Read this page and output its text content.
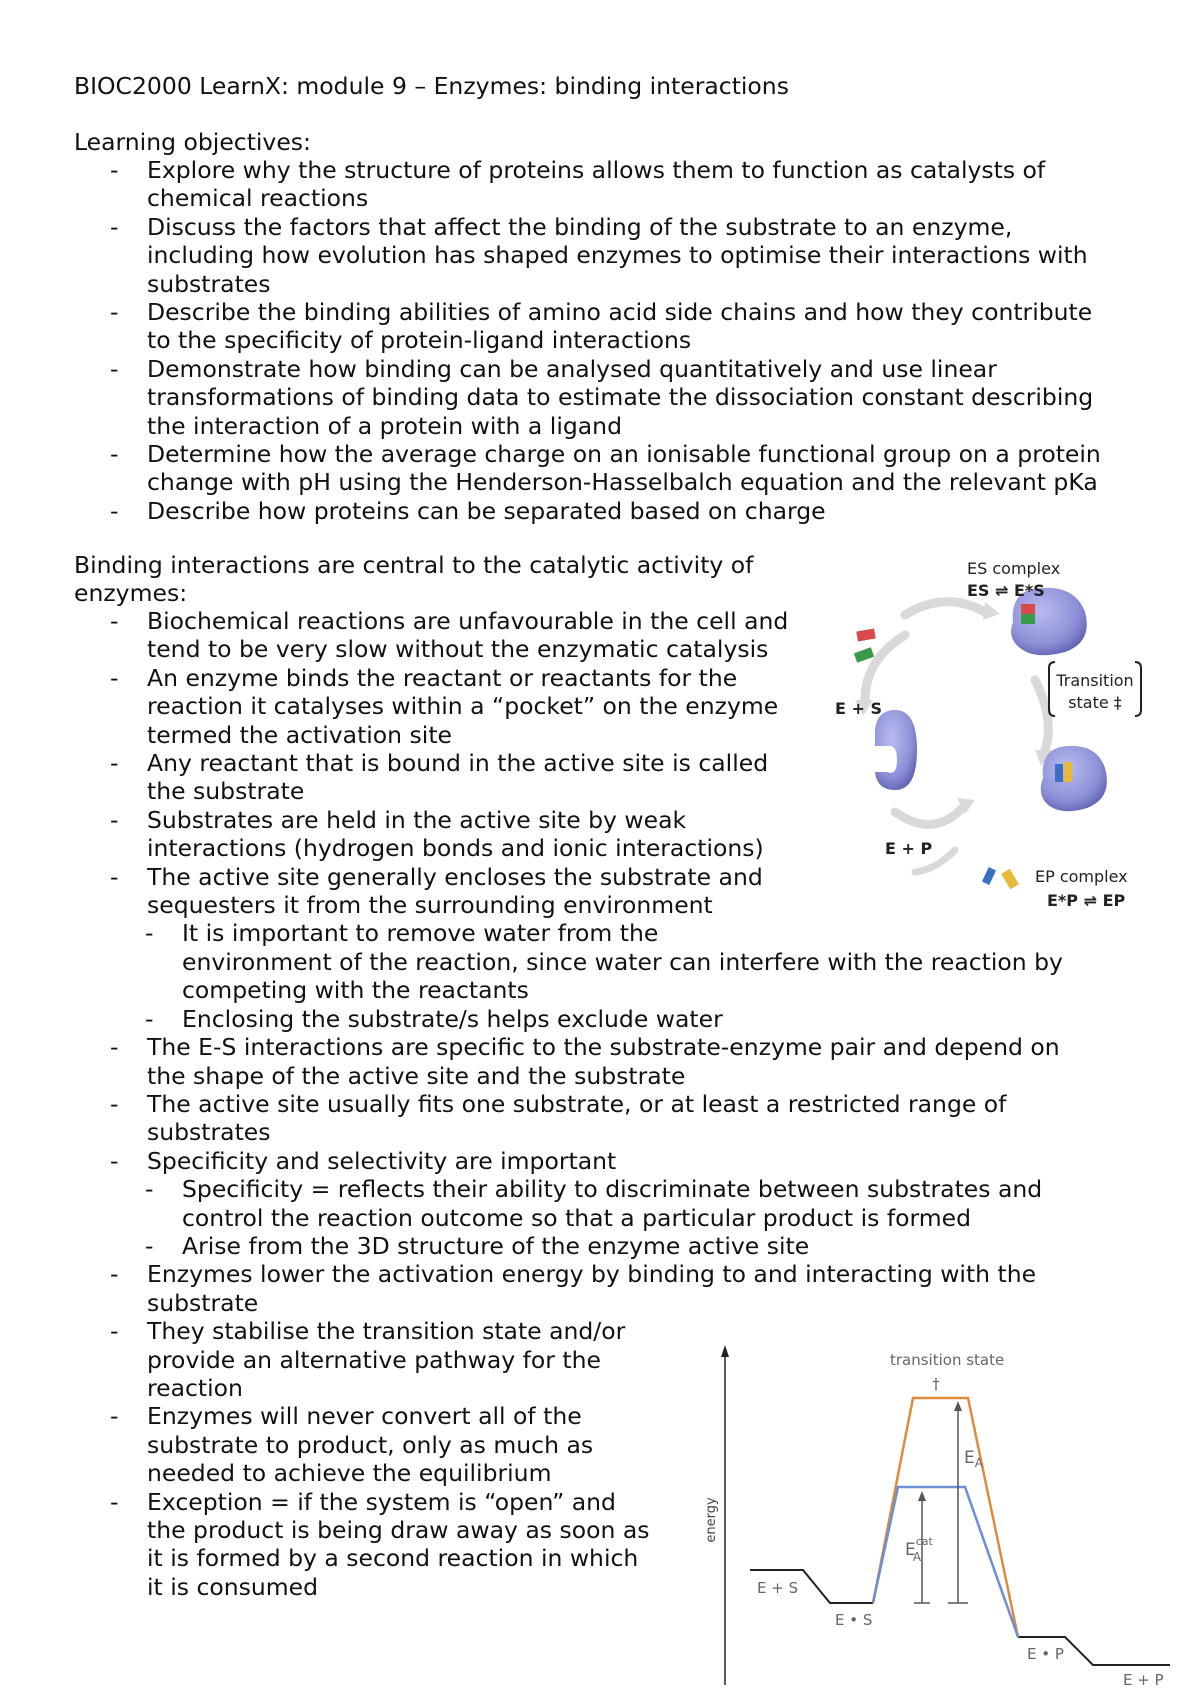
BIOC2000 LearnX: module 9 – Enzymes: binding interactions
Learning objectives:
- Explore why the structure of proteins allows them to function as catalysts of
chemical reactions
- Discuss the factors that affect the binding of the substrate to an enzyme,
including how evolution has shaped enzymes to optimise their interactions with
substrates
- Describe the binding abilities of amino acid side chains and how they contribute
to the specificity of protein-ligand interactions
- Demonstrate how binding can be analysed quantitatively and use linear
transformations of binding data to estimate the dissociation constant describing
the interaction of a protein with a ligand
- Determine how the average charge on an ionisable functional group on a protein
change with pH using the Henderson-Hasselbalch equation and the relevant pKa
- Describe how proteins can be separated based on charge
Binding interactions are central to the catalytic activity of
enzymes:
- Biochemical reactions are unfavourable in the cell and
tend to be very slow without the enzymatic catalysis
- An enzyme binds the reactant or reactants for the
reaction it catalyses within a “pocket” on the enzyme
termed the activation site
- Any reactant that is bound in the active site is called
the substrate
- Substrates are held in the active site by weak
interactions (hydrogen bonds and ionic interactions)
- The active site generally encloses the substrate and
sequesters it from the surrounding environment
- It is important to remove water from the
environment of the reaction, since water can interfere with the reaction by
competing with the reactants
- Enclosing the substrate/s helps exclude water
- The E-S interactions are specific to the substrate-enzyme pair and depend on
the shape of the active site and the substrate
- The active site usually fits one substrate, or at least a restricted range of
substrates
- Specificity and selectivity are important
- Specificity = reflects their ability to discriminate between substrates and
control the reaction outcome so that a particular product is formed
- Arise from the 3D structure of the enzyme active site
- Enzymes lower the activation energy by binding to and interacting with the
substrate
- They stabilise the transition state and/or
provide an alternative pathway for the
reaction
- Enzymes will never convert all of the
substrate to product, only as much as
needed to achieve the equilibrium
- Exception = if the system is “open” and
the product is being draw away as soon as
it is formed by a second reaction in which
it is consumed
ES complex
ES ⇌ E*S
E + S
Transition
state ‡
E + P
EP complex
E*P ⇌ EP
energy
transition state
†
$E_A$
$E^{cat}$ A
E + S
E • S
E • P
E + P
